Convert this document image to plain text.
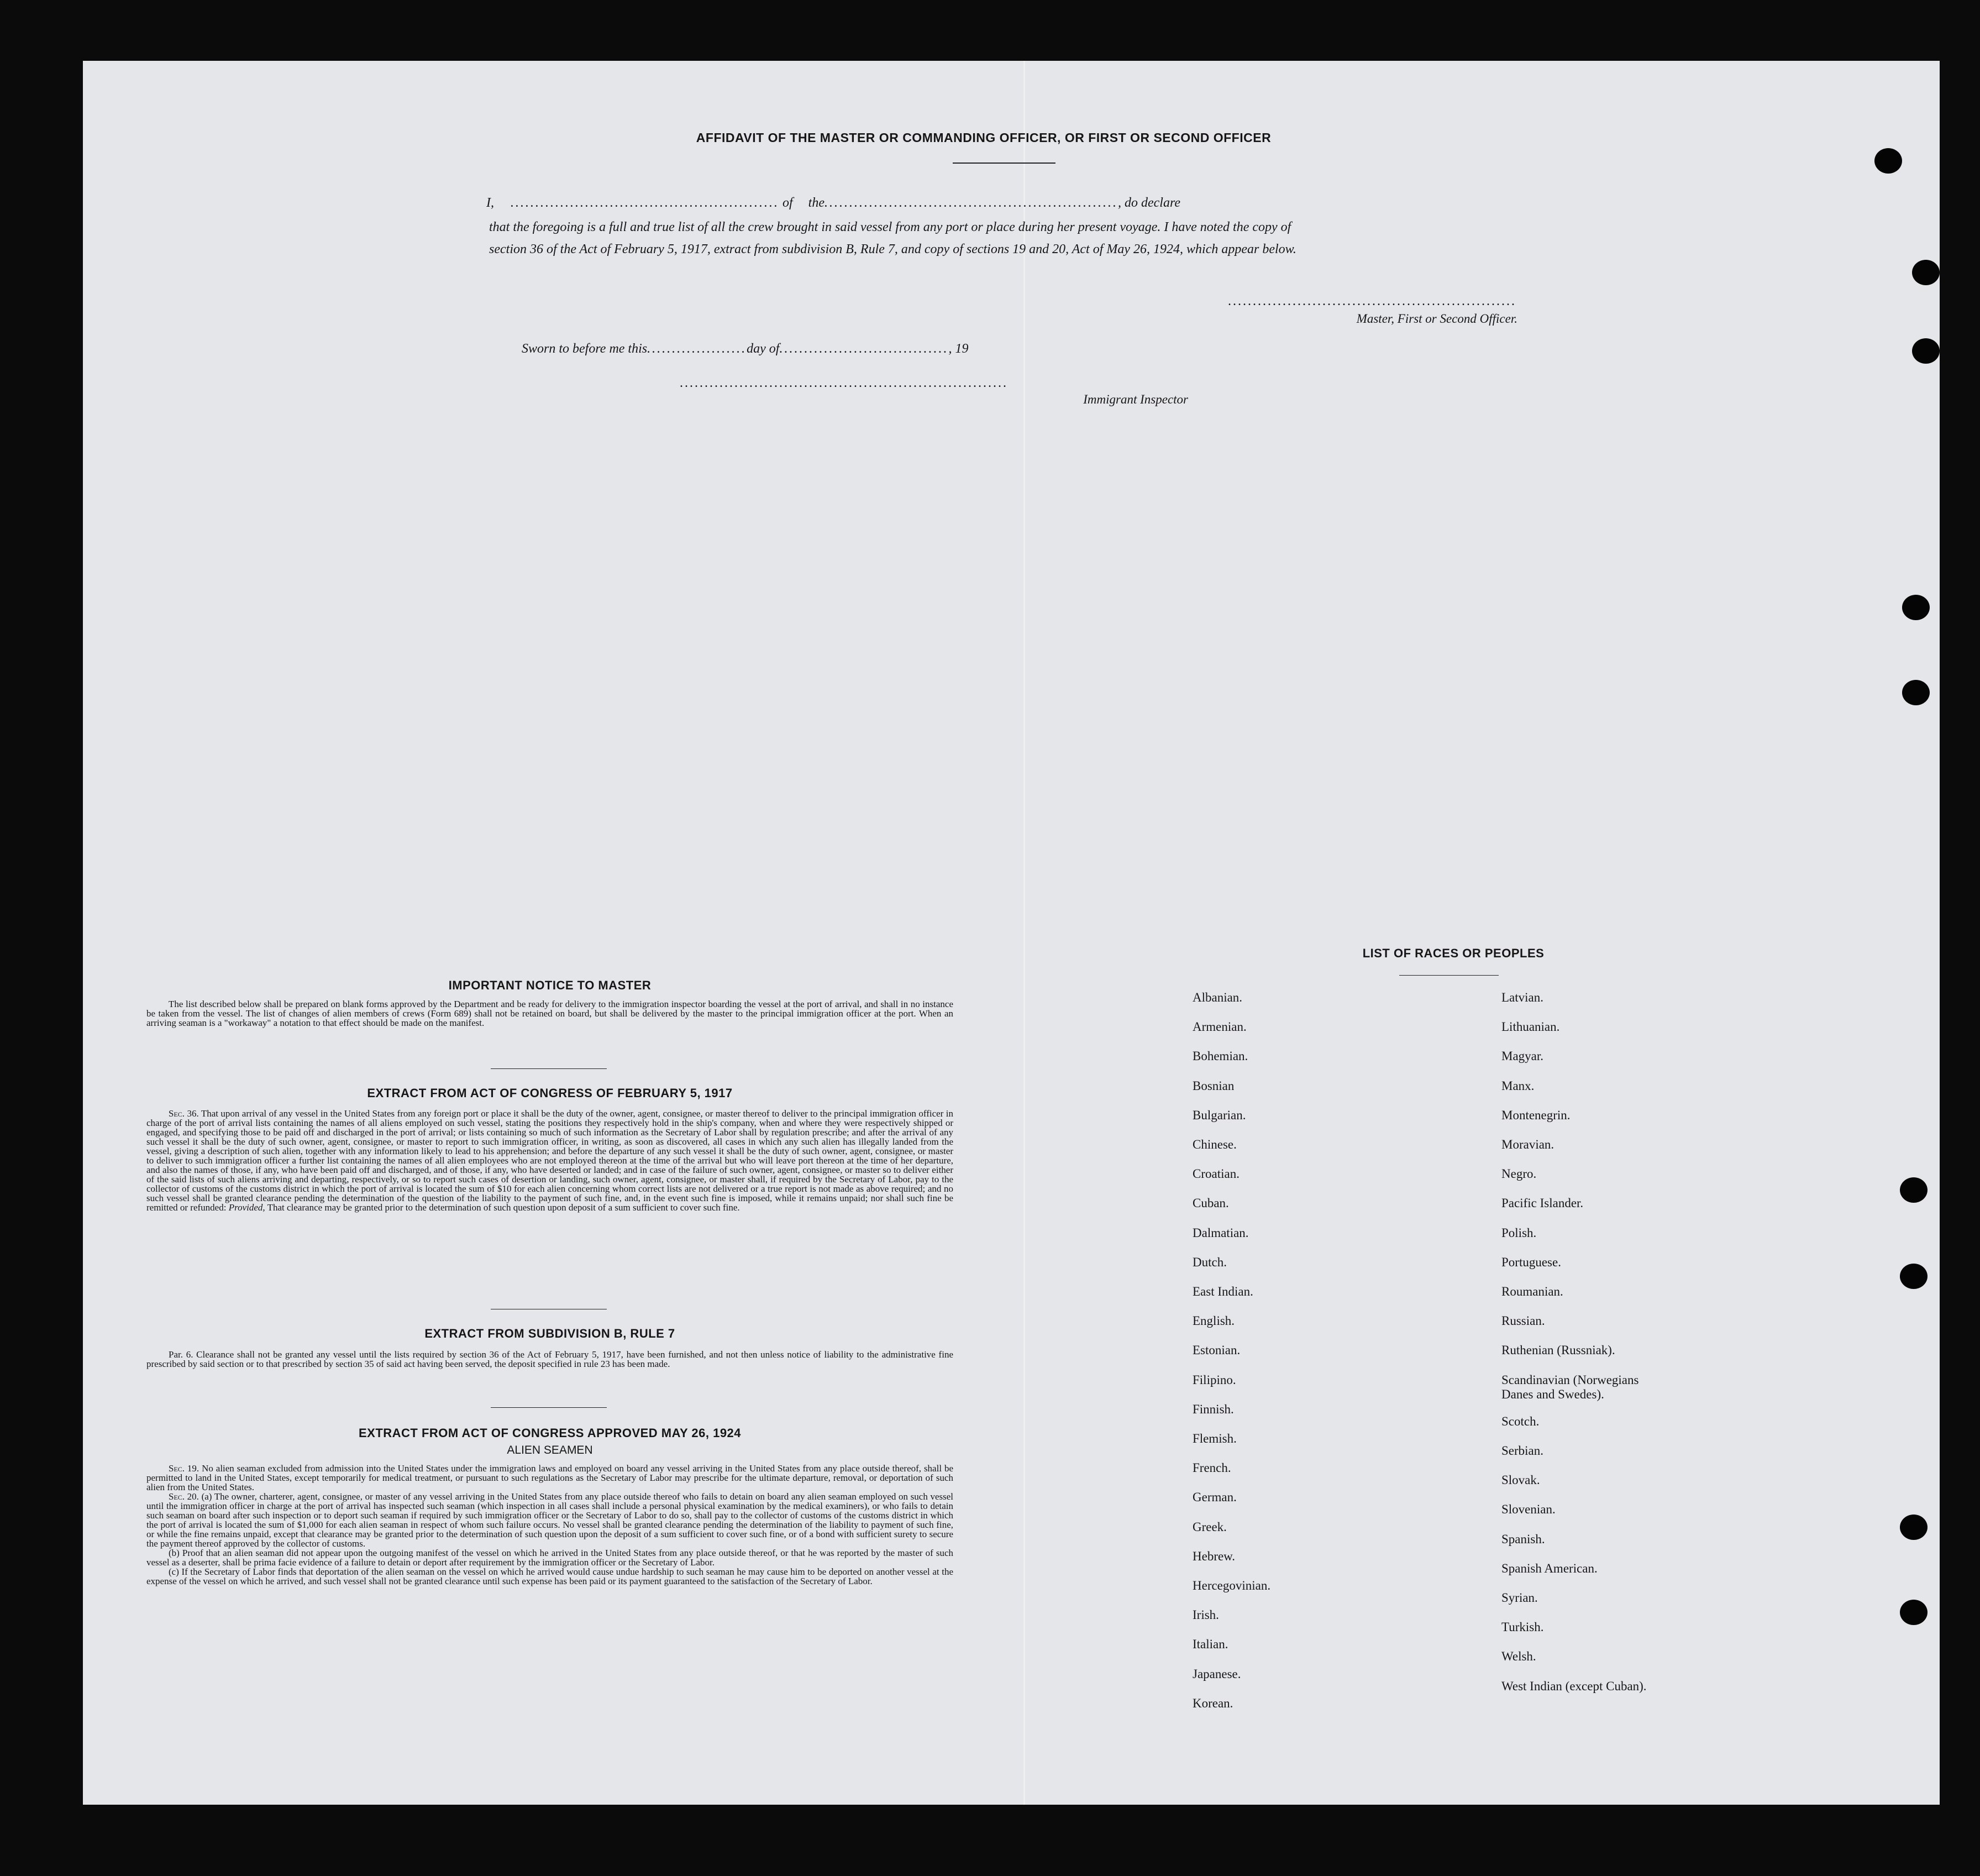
AFFIDAVIT OF THE MASTER OR COMMANDING OFFICER, OR FIRST OR SECOND OFFICER
I, ...................................................... of the..........................................................., do declare
that the foregoing is a full and true list of all the crew brought in said vessel from any port or place during her present voyage. I have noted the copy of
section 36 of the Act of February 5, 1917, extract from subdivision B, Rule 7, and copy of sections 19 and 20, Act of May 26, 1924, which appear below.
..........................................................
Master, First or Second Officer.
Sworn to before me this....................day of.................................., 19
..................................................................
Immigrant Inspector
IMPORTANT NOTICE TO MASTER

The list described below shall be prepared on blank forms approved by the Department and be ready for delivery to the immigration inspector boarding the vessel at the port of arrival, and shall in no instance be taken from the vessel. The list of changes of alien members of crews (Form 689) shall not be retained on board, but shall be delivered by the master to the principal immigration officer at the port. When an arriving seaman is a "workaway" a notation to that effect should be made on the manifest.

EXTRACT FROM ACT OF CONGRESS OF FEBRUARY 5, 1917

Sec. 36. That upon arrival of any vessel in the United States from any foreign port or place it shall be the duty of the owner, agent, consignee, or master thereof to deliver to the principal immigration officer in charge of the port of arrival lists containing the names of all aliens employed on such vessel, stating the positions they respectively hold in the ship's company, when and where they were respectively shipped or engaged, and specifying those to be paid off and discharged in the port of arrival; or lists containing so much of such information as the Secretary of Labor shall by regulation prescribe; and after the arrival of any such vessel it shall be the duty of such owner, agent, consignee, or master to report to such immigration officer, in writing, as soon as discovered, all cases in which any such alien has illegally landed from the vessel, giving a description of such alien, together with any information likely to lead to his apprehension; and before the departure of any such vessel it shall be the duty of such owner, agent, consignee, or master to deliver to such immigration officer a further list containing the names of all alien employees who are not employed thereon at the time of the arrival but who will leave port thereon at the time of her departure, and also the names of those, if any, who have been paid off and discharged, and of those, if any, who have deserted or landed; and in case of the failure of such owner, agent, consignee, or master so to deliver either of the said lists of such aliens arriving and departing, respectively, or so to report such cases of desertion or landing, such owner, agent, consignee, or master shall, if required by the Secretary of Labor, pay to the collector of customs of the customs district in which the port of arrival is located the sum of $10 for each alien concerning whom correct lists are not delivered or a true report is not made as above required; and no such vessel shall be granted clearance pending the determination of the question of the liability to the payment of such fine, and, in the event such fine is imposed, while it remains unpaid; nor shall such fine be remitted or refunded: Provided, That clearance may be granted prior to the determination of such question upon deposit of a sum sufficient to cover such fine.

EXTRACT FROM SUBDIVISION B, RULE 7

Par. 6. Clearance shall not be granted any vessel until the lists required by section 36 of the Act of February 5, 1917, have been furnished, and not then unless notice of liability to the administrative fine prescribed by said section or to that prescribed by section 35 of said act having been served, the deposit specified in rule 23 has been made.

EXTRACT FROM ACT OF CONGRESS APPROVED MAY 26, 1924
ALIEN SEAMEN

Sec. 19. No alien seaman excluded from admission into the United States under the immigration laws and employed on board any vessel arriving in the United States from any place outside thereof, shall be permitted to land in the United States, except temporarily for medical treatment, or pursuant to such regulations as the Secretary of Labor may prescribe for the ultimate departure, removal, or deportation of such alien from the United States.

Sec. 20. (a) The owner, charterer, agent, consignee, or master of any vessel arriving in the United States from any place outside thereof who fails to detain on board any alien seaman employed on such vessel until the immigration officer in charge at the port of arrival has inspected such seaman (which inspection in all cases shall include a personal physical examination by the medical examiners), or who fails to detain such seaman on board after such inspection or to deport such seaman if required by such immigration officer or the Secretary of Labor to do so, shall pay to the collector of customs of the customs district in which the port of arrival is located the sum of $1,000 for each alien seaman in respect of whom such failure occurs. No vessel shall be granted clearance pending the determination of the liability to payment of such fine, or while the fine remains unpaid, except that clearance may be granted prior to the determination of such question upon the deposit of a sum sufficient to cover such fine, or of a bond with sufficient surety to secure the payment thereof approved by the collector of customs.

(b) Proof that an alien seaman did not appear upon the outgoing manifest of the vessel on which he arrived in the United States from any place outside thereof, or that he was reported by the master of such vessel as a deserter, shall be prima facie evidence of a failure to detain or deport after requirement by the immigration officer or the Secretary of Labor.

(c) If the Secretary of Labor finds that deportation of the alien seaman on the vessel on which he arrived would cause undue hardship to such seaman he may cause him to be deported on another vessel at the expense of the vessel on which he arrived, and such vessel shall not be granted clearance until such expense has been paid or its payment guaranteed to the satisfaction of the Secretary of Labor.

LIST OF RACES OR PEOPLES
Albanian.
Armenian.
Bohemian.
Bosnian
Bulgarian.
Chinese.
Croatian.
Cuban.
Dalmatian.
Dutch.
East Indian.
English.
Estonian.
Filipino.
Finnish.
Flemish.
French.
German.
Greek.
Hebrew.
Hercegovinian.
Irish.
Italian.
Japanese.
Korean.
Latvian.
Lithuanian.
Magyar.
Manx.
Montenegrin.
Moravian.
Negro.
Pacific Islander.
Polish.
Portuguese.
Roumanian.
Russian.
Ruthenian (Russniak).
Scandinavian (Norwegians
Danes and Swedes).
Scotch.
Serbian.
Slovak.
Slovenian.
Spanish.
Spanish American.
Syrian.
Turkish.
Welsh.
West Indian (except Cuban).
